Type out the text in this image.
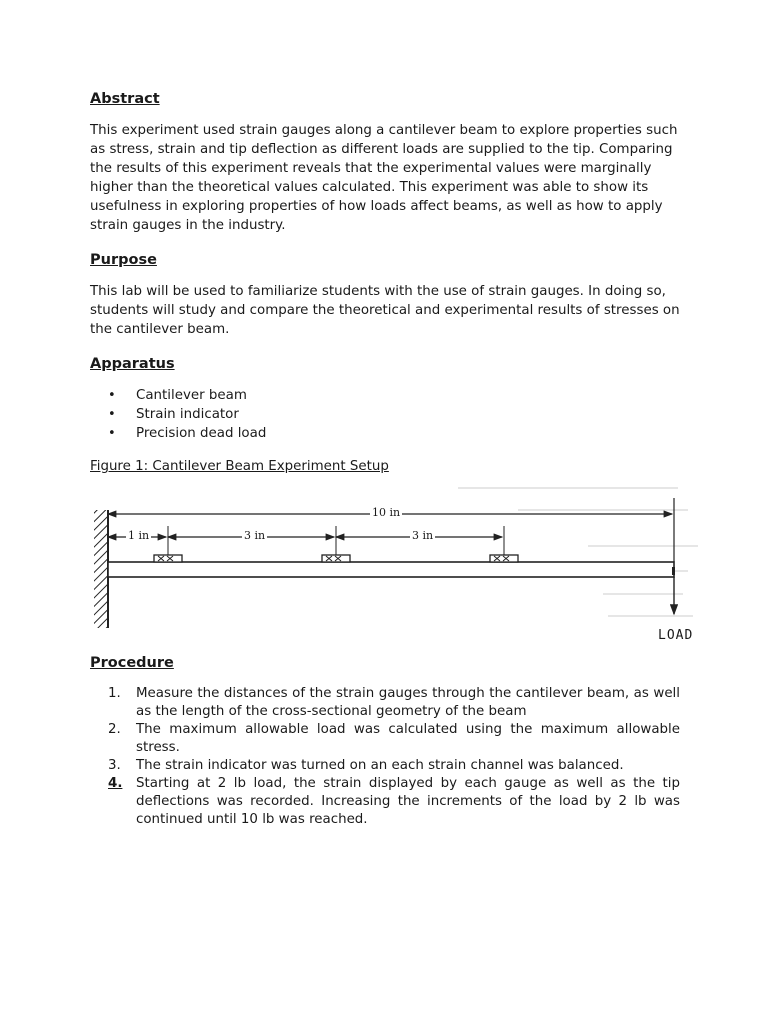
Abstract

This experiment used strain gauges along a cantilever beam to explore properties such as stress, strain and tip deflection as different loads are supplied to the tip. Comparing the results of this experiment reveals that the experimental values were marginally higher than the theoretical values calculated. This experiment was able to show its usefulness in exploring properties of how loads affect beams, as well as how to apply strain gauges in the industry.

Purpose

This lab will be used to familiarize students with the use of strain gauges. In doing so, students will study and compare the theoretical and experimental results of stresses on the cantilever beam.

Apparatus
• Cantilever beam
• Strain indicator
• Precision dead load
Figure 1: Cantilever Beam Experiment Setup
10 in
1 in	3 in	3 in
LOAD
Procedure
1. Measure the distances of the strain gauges through the cantilever beam, as well as the length of the cross-sectional geometry of the beam
2. The maximum allowable load was calculated using the maximum allowable stress.
3. The strain indicator was turned on an each strain channel was balanced.
4. Starting at 2 lb load, the strain displayed by each gauge as well as the tip deflections was recorded. Increasing the increments of the load by 2 lb was continued until 10 lb was reached.
